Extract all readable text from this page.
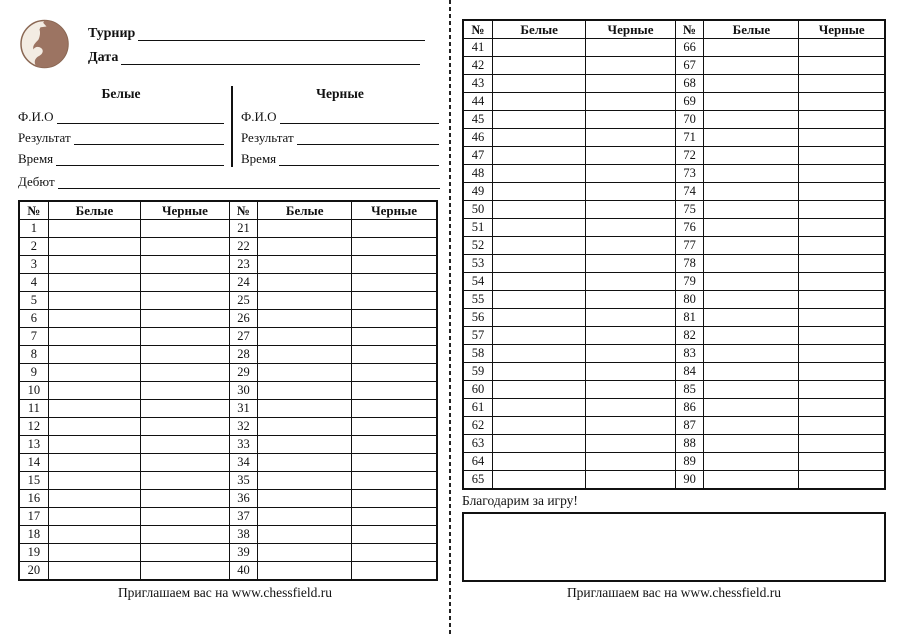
Турнир
Дата
Белые
Ф.И.О
Результат
Время
Черные
Ф.И.О
Результат
Время
Дебют
№	Белые	Черные	№	Белые	Черные
1			21		
2			22		
3			23		
4			24		
5			25		
6			26		
7			27		
8			28		
9			29		
10			30		
11			31		
12			32		
13			33		
14			34		
15			35		
16			36		
17			37		
18			38		
19			39		
20			40		
Приглашаем вас на www.chessfield.ru
№	Белые	Черные	№	Белые	Черные
41			66		
42			67		
43			68		
44			69		
45			70		
46			71		
47			72		
48			73		
49			74		
50			75		
51			76		
52			77		
53			78		
54			79		
55			80		
56			81		
57			82		
58			83		
59			84		
60			85		
61			86		
62			87		
63			88		
64			89		
65			90		
Благодарим за игру!
Приглашаем вас на www.chessfield.ru
